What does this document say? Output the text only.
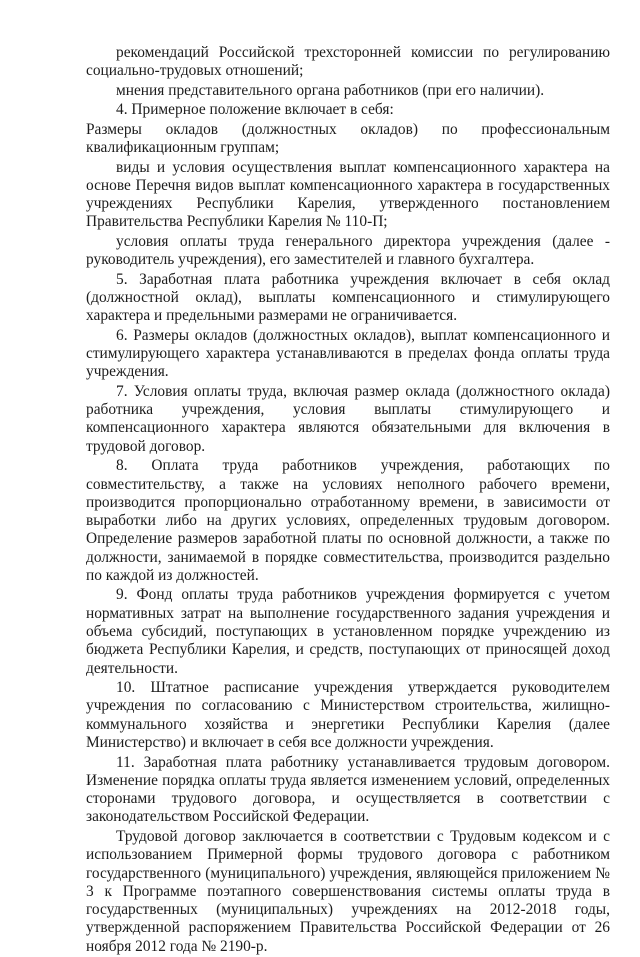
рекомендаций Российской трехсторонней комиссии по регулированию социально-трудовых отношений;

мнения представительного органа работников (при его наличии).

4. Примерное положение включает в себя:

Размеры окладов (должностных окладов) по профессиональным квалификационным группам;

виды и условия осуществления выплат компенсационного характера на основе Перечня видов выплат компенсационного характера в государственных учреждениях Республики Карелия, утвержденного постановлением Правительства Республики Карелия № 110-П;

условия оплаты труда генерального директора учреждения (далее - руководитель учреждения), его заместителей и главного бухгалтера.

5. Заработная плата работника учреждения включает в себя оклад (должностной оклад), выплаты компенсационного и стимулирующего характера и предельными размерами не ограничивается.

6. Размеры окладов (должностных окладов), выплат компенсационного и стимулирующего характера устанавливаются в пределах фонда оплаты труда учреждения.

7. Условия оплаты труда, включая размер оклада (должностного оклада) работника учреждения, условия выплаты стимулирующего и компенсационного характера являются обязательными для включения в трудовой договор.

8. Оплата труда работников учреждения, работающих по совместительству, а также на условиях неполного рабочего времени, производится пропорционально отработанному времени, в зависимости от выработки либо на других условиях, определенных трудовым договором. Определение размеров заработной платы по основной должности, а также по должности, занимаемой в порядке совместительства, производится раздельно по каждой из должностей.

9. Фонд оплаты труда работников учреждения формируется с учетом нормативных затрат на выполнение государственного задания учреждения и объема субсидий, поступающих в установленном порядке учреждению из бюджета Республики Карелия, и средств, поступающих от приносящей доход деятельности.

10. Штатное расписание учреждения утверждается руководителем учреждения по согласованию с Министерством строительства, жилищно-коммунального хозяйства и энергетики Республики Карелия (далее Министерство) и включает в себя все должности учреждения.

11. Заработная плата работнику устанавливается трудовым договором. Изменение порядка оплаты труда является изменением условий, определенных сторонами трудового договора, и осуществляется в соответствии с законодательством Российской Федерации.

Трудовой договор заключается в соответствии с Трудовым кодексом и с использованием Примерной формы трудового договора с работником государственного (муниципального) учреждения, являющейся приложением № 3 к Программе поэтапного совершенствования системы оплаты труда в государственных (муниципальных) учреждениях на 2012-2018 годы, утвержденной распоряжением Правительства Российской Федерации от 26 ноября 2012 года № 2190-р.
